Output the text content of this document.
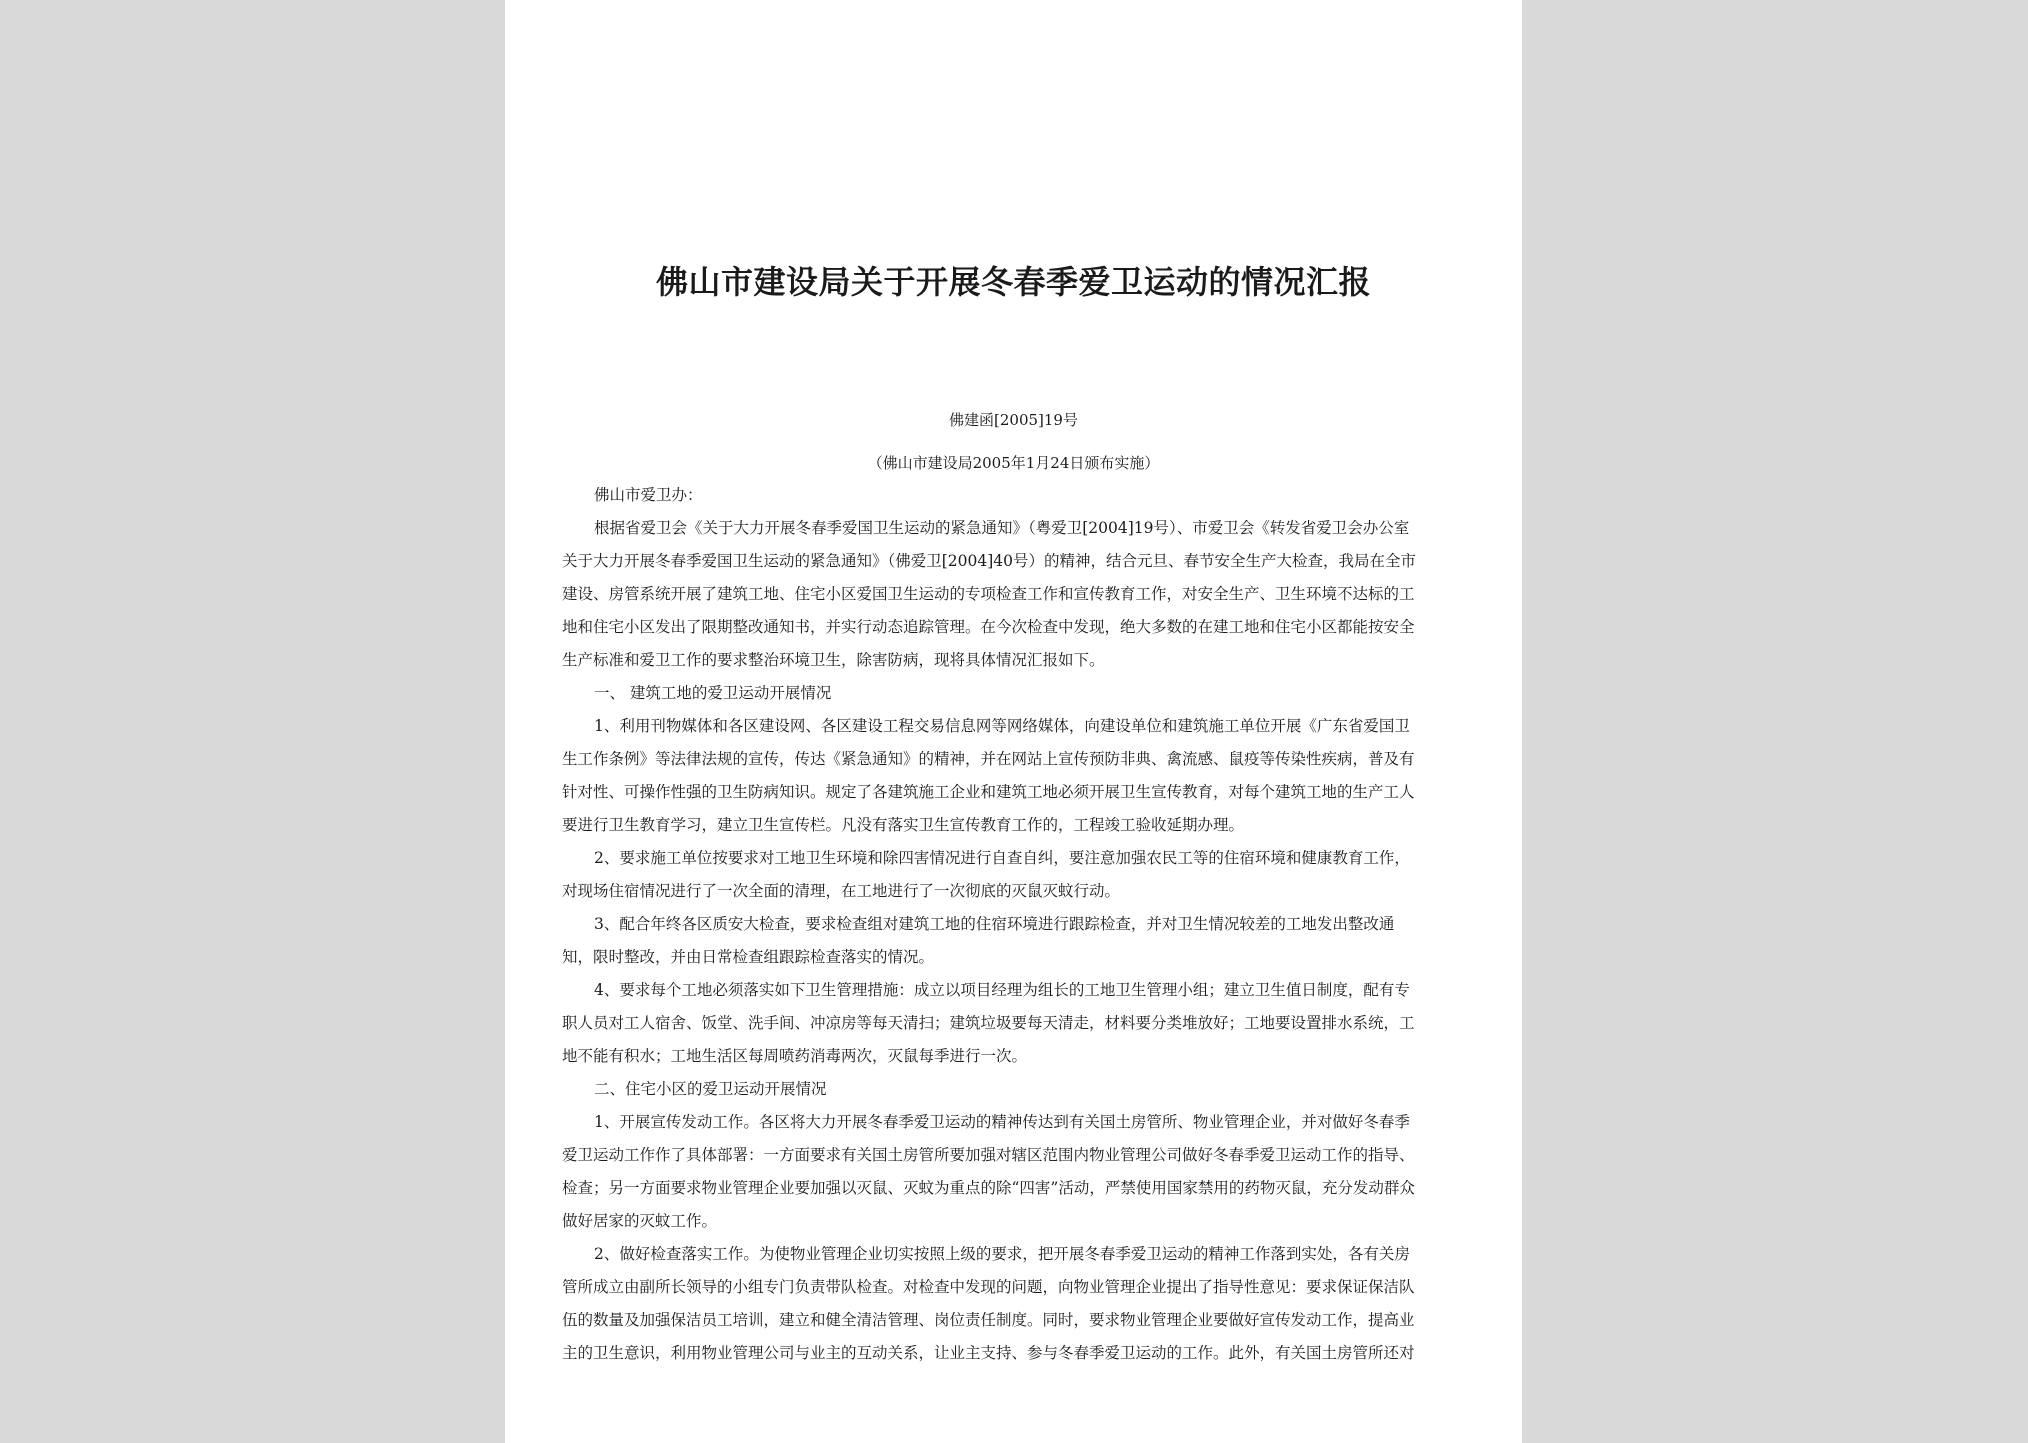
佛山市建设局关于开展冬春季爱卫运动的情况汇报
佛建函[2005]19号
（佛山市建设局2005年1月24日颁布实施）
佛山市爱卫办：
根据省爱卫会《关于大力开展冬春季爱国卫生运动的紧急通知》（粤爱卫[2004]19号）、市爱卫会《转发省爱卫会办公室
关于大力开展冬春季爱国卫生运动的紧急通知》（佛爱卫[2004]40号）的精神，结合元旦、春节安全生产大检查，我局在全市
建设、房管系统开展了建筑工地、住宅小区爱国卫生运动的专项检查工作和宣传教育工作，对安全生产、卫生环境不达标的工
地和住宅小区发出了限期整改通知书，并实行动态追踪管理。在今次检查中发现，绝大多数的在建工地和住宅小区都能按安全
生产标准和爱卫工作的要求整治环境卫生，除害防病，现将具体情况汇报如下。
一、 建筑工地的爱卫运动开展情况
1、利用刊物媒体和各区建设网、各区建设工程交易信息网等网络媒体，向建设单位和建筑施工单位开展《广东省爱国卫
生工作条例》等法律法规的宣传，传达《紧急通知》的精神，并在网站上宣传预防非典、禽流感、鼠疫等传染性疾病，普及有
针对性、可操作性强的卫生防病知识。规定了各建筑施工企业和建筑工地必须开展卫生宣传教育，对每个建筑工地的生产工人
要进行卫生教育学习，建立卫生宣传栏。凡没有落实卫生宣传教育工作的，工程竣工验收延期办理。
2、要求施工单位按要求对工地卫生环境和除四害情况进行自查自纠，要注意加强农民工等的住宿环境和健康教育工作，
对现场住宿情况进行了一次全面的清理，在工地进行了一次彻底的灭鼠灭蚊行动。
3、配合年终各区质安大检查，要求检查组对建筑工地的住宿环境进行跟踪检查，并对卫生情况较差的工地发出整改通
知，限时整改，并由日常检查组跟踪检查落实的情况。
4、要求每个工地必须落实如下卫生管理措施：成立以项目经理为组长的工地卫生管理小组；建立卫生值日制度，配有专
职人员对工人宿舍、饭堂、洗手间、冲凉房等每天清扫；建筑垃圾要每天清走，材料要分类堆放好；工地要设置排水系统，工
地不能有积水；工地生活区每周喷药消毒两次，灭鼠每季进行一次。
二、住宅小区的爱卫运动开展情况
1、开展宣传发动工作。各区将大力开展冬春季爱卫运动的精神传达到有关国土房管所、物业管理企业，并对做好冬春季
爱卫运动工作作了具体部署：一方面要求有关国土房管所要加强对辖区范围内物业管理公司做好冬春季爱卫运动工作的指导、
检查；另一方面要求物业管理企业要加强以灭鼠、灭蚊为重点的除“四害”活动，严禁使用国家禁用的药物灭鼠，充分发动群众
做好居家的灭蚊工作。
2、做好检查落实工作。为使物业管理企业切实按照上级的要求，把开展冬春季爱卫运动的精神工作落到实处，各有关房
管所成立由副所长领导的小组专门负责带队检查。对检查中发现的问题，向物业管理企业提出了指导性意见：要求保证保洁队
伍的数量及加强保洁员工培训，建立和健全清洁管理、岗位责任制度。同时，要求物业管理企业要做好宣传发动工作，提高业
主的卫生意识，利用物业管理公司与业主的互动关系，让业主支持、参与冬春季爱卫运动的工作。此外，有关国土房管所还对
